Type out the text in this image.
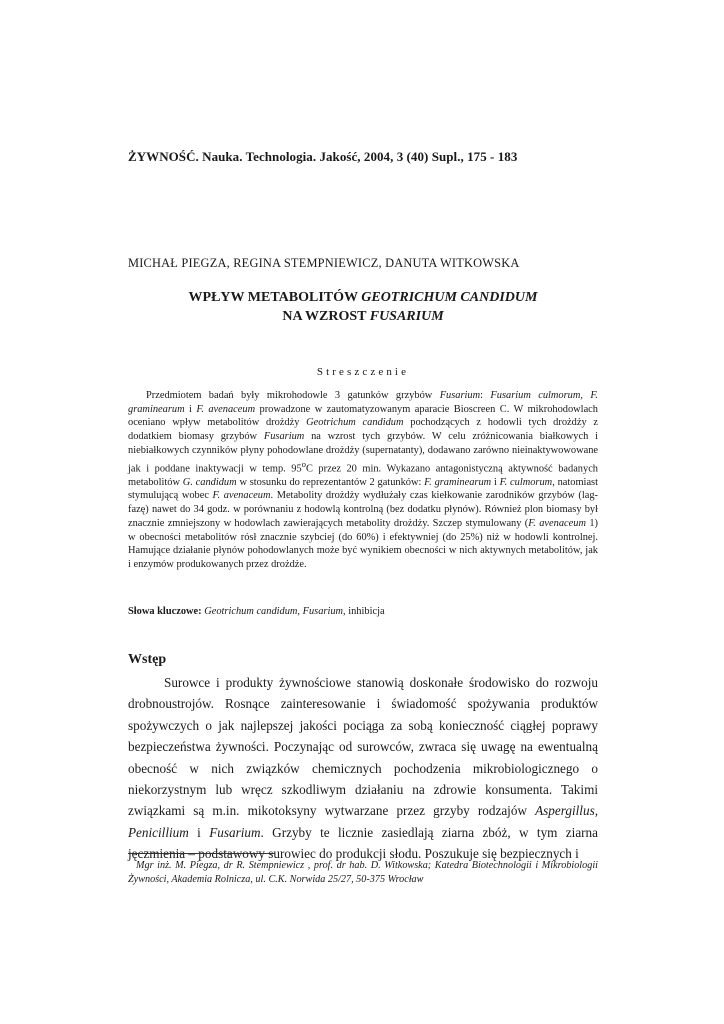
ŻYWNOŚĆ. Nauka. Technologia. Jakość, 2004, 3 (40) Supl., 175 - 183
MICHAŁ PIEGZA, REGINA STEMPNIEWICZ, DANUTA WITKOWSKA
WPŁYW METABOLITÓW GEOTRICHUM CANDIDUM
NA WZROST FUSARIUM
Streszczenie
Przedmiotem badań były mikrohodowle 3 gatunków grzybów Fusarium: Fusarium culmorum, F. graminearum i F. avenaceum prowadzone w zautomatyzowanym aparacie Bioscreen C. W mikrohodowlach oceniano wpływ metabolitów drożdży Geotrichum candidum pochodzących z hodowli tych drożdży z dodatkiem biomasy grzybów Fusarium na wzrost tych grzybów. W celu zróżnicowania białkowych i niebiałkowych czynników płyny pohodowlane drożdży (supernatanty), dodawano zarówno nieinaktywowowane jak i poddane inaktywacji w temp. 95$^o$C przez 20 min. Wykazano antagonistyczną aktywność badanych metabolitów G. candidum w stosunku do reprezentantów 2 gatunków: F. graminearum i F. culmorum, natomiast stymulującą wobec F. avenaceum. Metabolity drożdży wydłużały czas kiełkowanie zarodników grzybów (lag-fazę) nawet do 34 godz. w porównaniu z hodowlą kontrolną (bez dodatku płynów). Również plon biomasy był znacznie zmniejszony w hodowlach zawierających metabolity drożdży. Szczep stymulowany (F. avenaceum 1) w obecności metabolitów rósł znacznie szybciej (do 60%) i efektywniej (do 25%) niż w hodowli kontrolnej. Hamujące działanie płynów pohodowlanych może być wynikiem obecności w nich aktywnych metabolitów, jak i enzymów produkowanych przez drożdże.
Słowa kluczowe: Geotrichum candidum, Fusarium, inhibicja
Wstęp
Surowce i produkty żywnościowe stanowią doskonałe środowisko do rozwoju drobnoustrojów. Rosnące zainteresowanie i świadomość spożywania produktów spożywczych o jak najlepszej jakości pociąga za sobą konieczność ciągłej poprawy bezpieczeństwa żywności. Poczynając od surowców, zwraca się uwagę na ewentualną obecność w nich związków chemicznych pochodzenia mikrobiologicznego o niekorzystnym lub wręcz szkodliwym działaniu na zdrowie konsumenta. Takimi związkami są m.in. mikotoksyny wytwarzane przez grzyby rodzajów Aspergillus, Penicillium i Fusarium. Grzyby te licznie zasiedlają ziarna zbóż, w tym ziarna jęczmienia – podstawowy surowiec do produkcji słodu. Poszukuje się bezpiecznych i
Mgr inż. M. Piegza, dr R. Stempniewicz , prof. dr hab. D. Witkowska; Katedra Biotechnologii i Mikrobiologii Żywności, Akademia Rolnicza, ul. C.K. Norwida 25/27, 50-375 Wrocław
